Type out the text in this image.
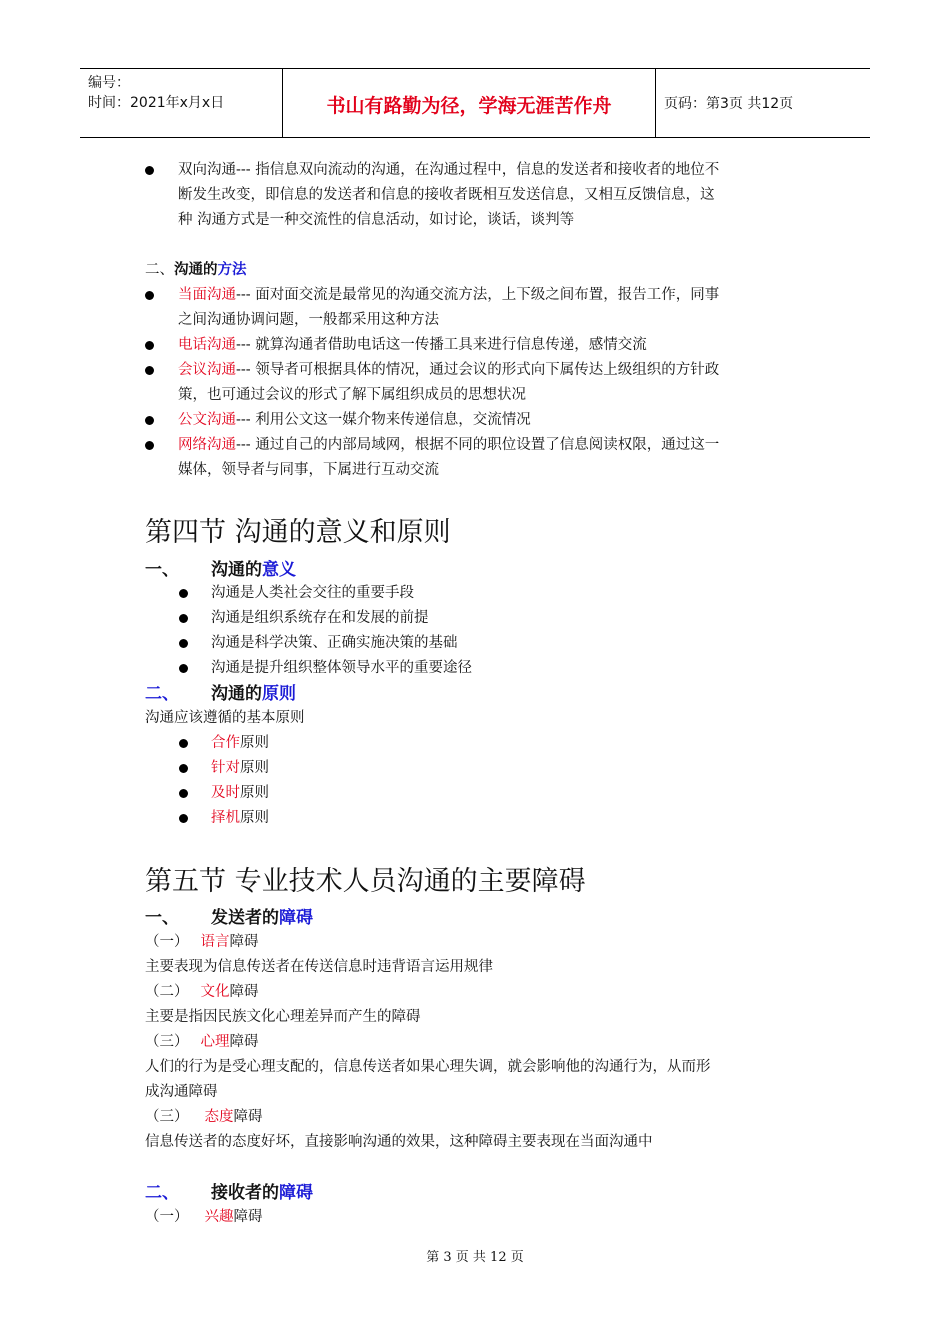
编号：
时间：2021年x月x日	书山有路勤为径，学海无涯苦作舟	页码：第3页 共12页
双向沟通--- 指信息双向流动的沟通，在沟通过程中，信息的发送者和接收者的地位不
断发生改变，即信息的发送者和信息的接收者既相互发送信息，又相互反馈信息，这
种 沟通方式是一种交流性的信息活动，如讨论，谈话，谈判等
二、沟通的方法
当面沟通--- 面对面交流是最常见的沟通交流方法，上下级之间布置，报告工作，同事
之间沟通协调问题，一般都采用这种方法
电话沟通--- 就算沟通者借助电话这一传播工具来进行信息传递，感情交流
会议沟通--- 领导者可根据具体的情况，通过会议的形式向下属传达上级组织的方针政
策，也可通过会议的形式了解下属组织成员的思想状况
公文沟通--- 利用公文这一媒介物来传递信息，交流情况
网络沟通--- 通过自己的内部局域网，根据不同的职位设置了信息阅读权限，通过这一
媒体，领导者与同事，下属进行互动交流
第四节 沟通的意义和原则
一、 沟通的意义
沟通是人类社会交往的重要手段
沟通是组织系统存在和发展的前提
沟通是科学决策、正确实施决策的基础
沟通是提升组织整体领导水平的重要途径
二、 沟通的原则
沟通应该遵循的基本原则
合作原则
针对原则
及时原则
择机原则
第五节 专业技术人员沟通的主要障碍
一、 发送者的障碍
（一） 语言障碍
主要表现为信息传送者在传送信息时违背语言运用规律
（二） 文化障碍
主要是指因民族文化心理差异而产生的障碍
（三） 心理障碍
人们的行为是受心理支配的，信息传送者如果心理失调，就会影响他的沟通行为，从而形
成沟通障碍
（三） 态度障碍
信息传送者的态度好坏，直接影响沟通的效果，这种障碍主要表现在当面沟通中
二、 接收者的障碍
（一） 兴趣障碍
第 3 页 共 12 页
